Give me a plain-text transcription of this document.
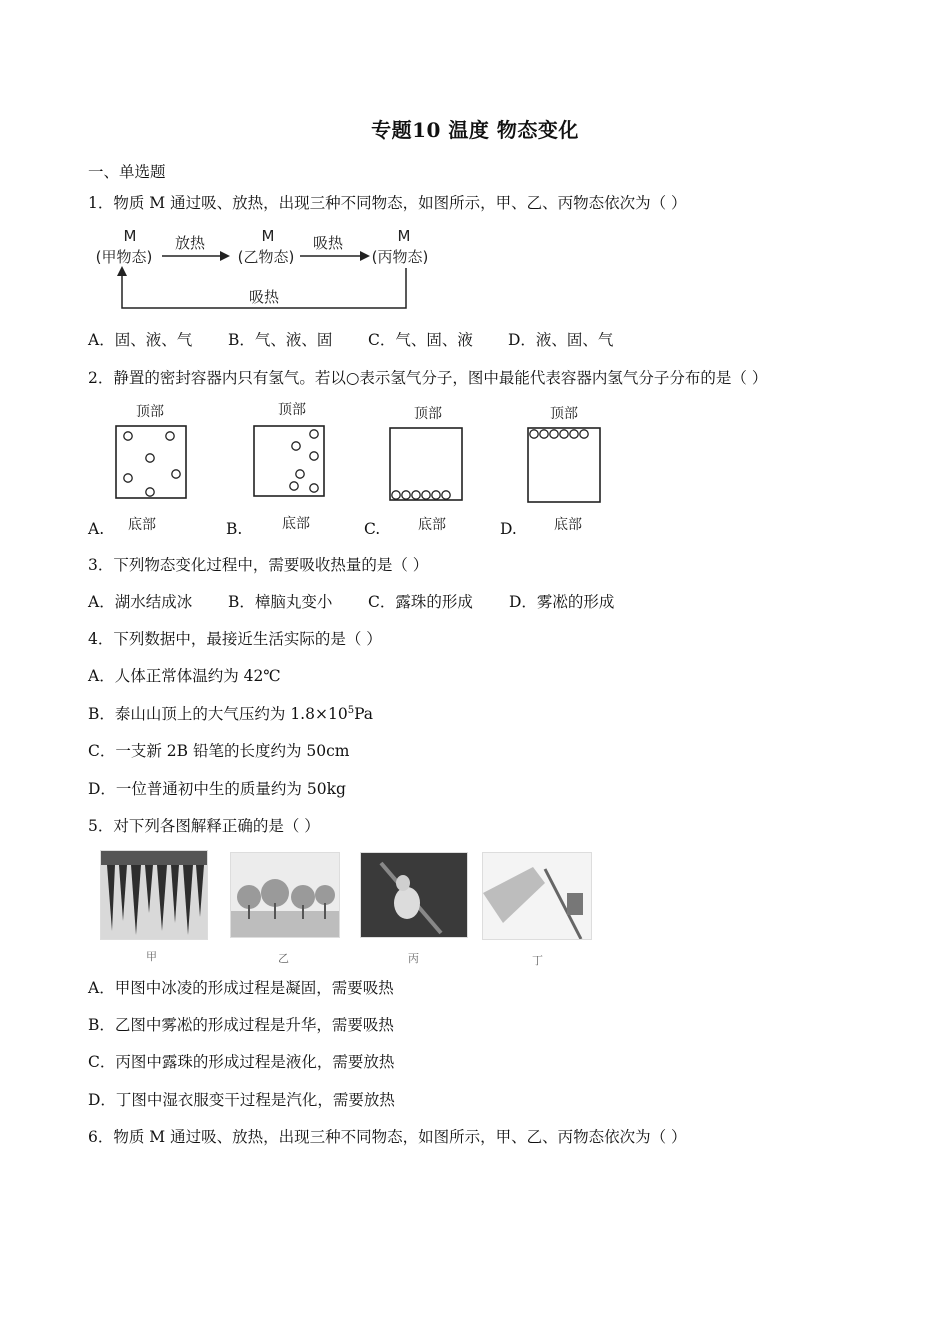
专题10 温度 物态变化
一、单选题
1．物质 M 通过吸、放热，出现三种不同物态，如图所示，甲、乙、丙物态依次为（ ）
M
(甲物态)
M
(乙物态)
M
(丙物态)
放热	吸热
吸热
A．固、液、气 B．气、液、固 C．气、固、液 D．液、固、气
2．静置的密封容器内只有氢气。若以○表示氢气分子，图中最能代表容器内氢气分子分布的是（ ）
A.	B.	C.	D.
顶部	顶部	顶部	顶部
底部	底部	底部	底部
3．下列物态变化过程中，需要吸收热量的是（ ）
A．湖水结成冰 B．樟脑丸变小 C．露珠的形成 D．雾凇的形成
4．下列数据中，最接近生活实际的是（ ）
A．人体正常体温约为 42℃
B．泰山山顶上的大气压约为 $1.8\times 10^5Pa$
C．一支新 2B 铅笔的长度约为 50cm
D．一位普通初中生的质量约为 50kg
5．对下列各图解释正确的是（ ）
甲	乙	丙	丁
A．甲图中冰凌的形成过程是凝固，需要吸热
B．乙图中雾凇的形成过程是升华，需要吸热
C．丙图中露珠的形成过程是液化，需要放热
D．丁图中湿衣服变干过程是汽化，需要放热
6．物质 M 通过吸、放热，出现三种不同物态，如图所示，甲、乙、丙物态依次为（ ）
